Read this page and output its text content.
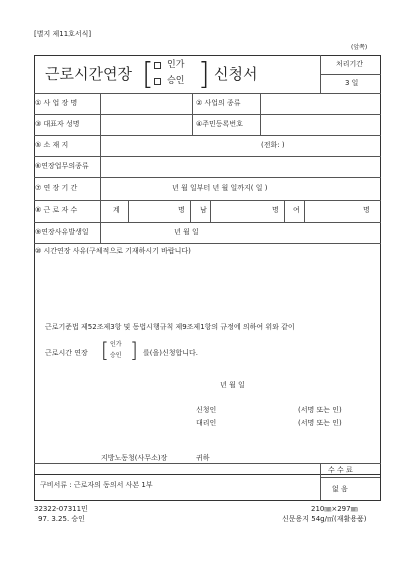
[별지 제11호서식]
(앞쪽)
근로시간연장 [ 인가
승인 ] 신청서
처리기간
3 일
① 사 업 장 명	② 사업의 종류
③ 대표자 성명	④주민등록번호
⑤ 소 재 지	(전화: )
⑥연장업무의종류
⑦ 연 장 기 간	년 월 일부터 년 월 일까지( 일 )
⑧ 근 로 자 수	계	명 남	명 여	명
⑨연장사유발생일	년 월 일
⑩ 시간연장 사유(구체적으로 기재하시기 바랍니다)
근로기준법 제52조제3항 및 동법시행규칙 제9조제1항의 규정에 의하여 위와 같이
근로시간 연장 [ 인가
승인 ] 를(을)신청합니다.
년 월 일
신청인	(서명 또는 인)
대리인	(서명 또는 인)
지방노동청(사무소)장	귀하
수 수 료
없 음
구비서류 : 근로자의 동의서 사본 1부
32322-07311민
97. 3.25. 승인
210㎜×297㎜
신문용지 54g/㎡(재활용품)
